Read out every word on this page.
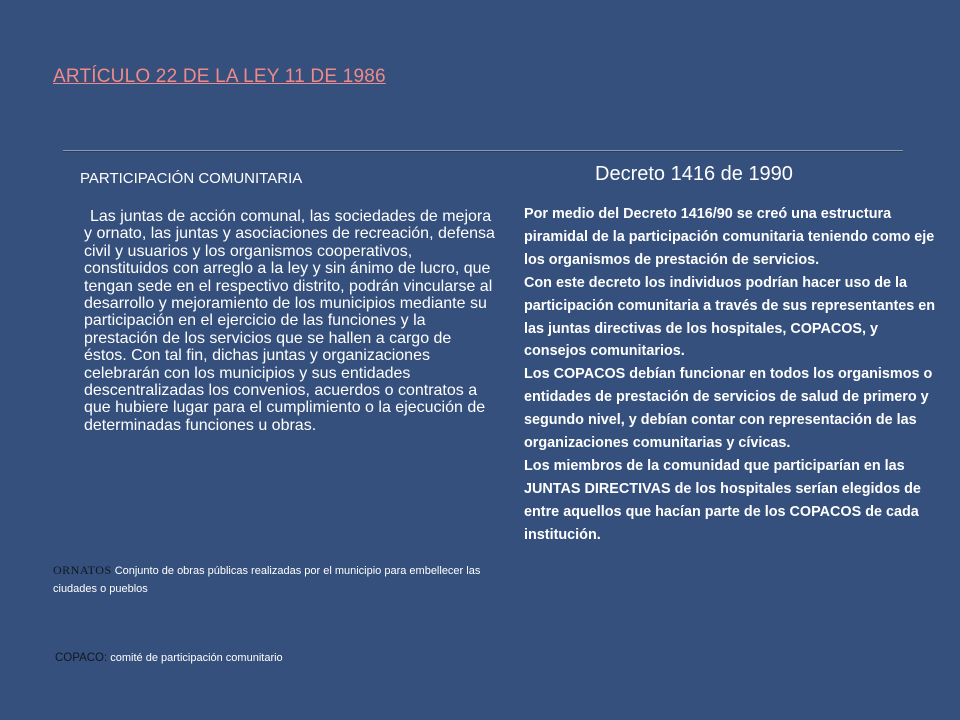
ARTÍCULO 22 DE LA LEY 11 DE 1986
PARTICIPACIÓN COMUNITARIA

Las juntas de acción comunal, las sociedades de mejora y ornato, las juntas y asociaciones de recreación, defensa civil y usuarios y los organismos cooperativos, constituidos con arreglo a la ley y sin ánimo de lucro, que tengan sede en el respectivo distrito, podrán vincularse al desarrollo y mejoramiento de los municipios mediante su participación en el ejercicio de las funciones y la prestación de los servicios que se hallen a cargo de éstos. Con tal fin, dichas juntas y organizaciones celebrarán con los municipios y sus entidades descentralizadas los convenios, acuerdos o contratos a que hubiere lugar para el cumplimiento o la ejecución de determinadas funciones u obras.

Decreto 1416 de 1990

Por medio del Decreto 1416/90 se creó una estructura piramidal de la participación comunitaria teniendo como eje los organismos de prestación de servicios.

Con este decreto los individuos podrían hacer uso de la participación comunitaria a través de sus representantes en las juntas directivas de los hospitales, COPACOS, y consejos comunitarios.

Los COPACOS debían funcionar en todos los organismos o entidades de prestación de servicios de salud de primero y segundo nivel, y debían contar con representación de las organizaciones comunitarias y cívicas.

Los miembros de la comunidad que participarían en las JUNTAS DIRECTIVAS de los hospitales serían elegidos de entre aquellos que hacían parte de los COPACOS de cada institución.

ORNATOS Conjunto de obras públicas realizadas por el municipio para embellecer las ciudades o pueblos
COPACO: comité de participación comunitario
